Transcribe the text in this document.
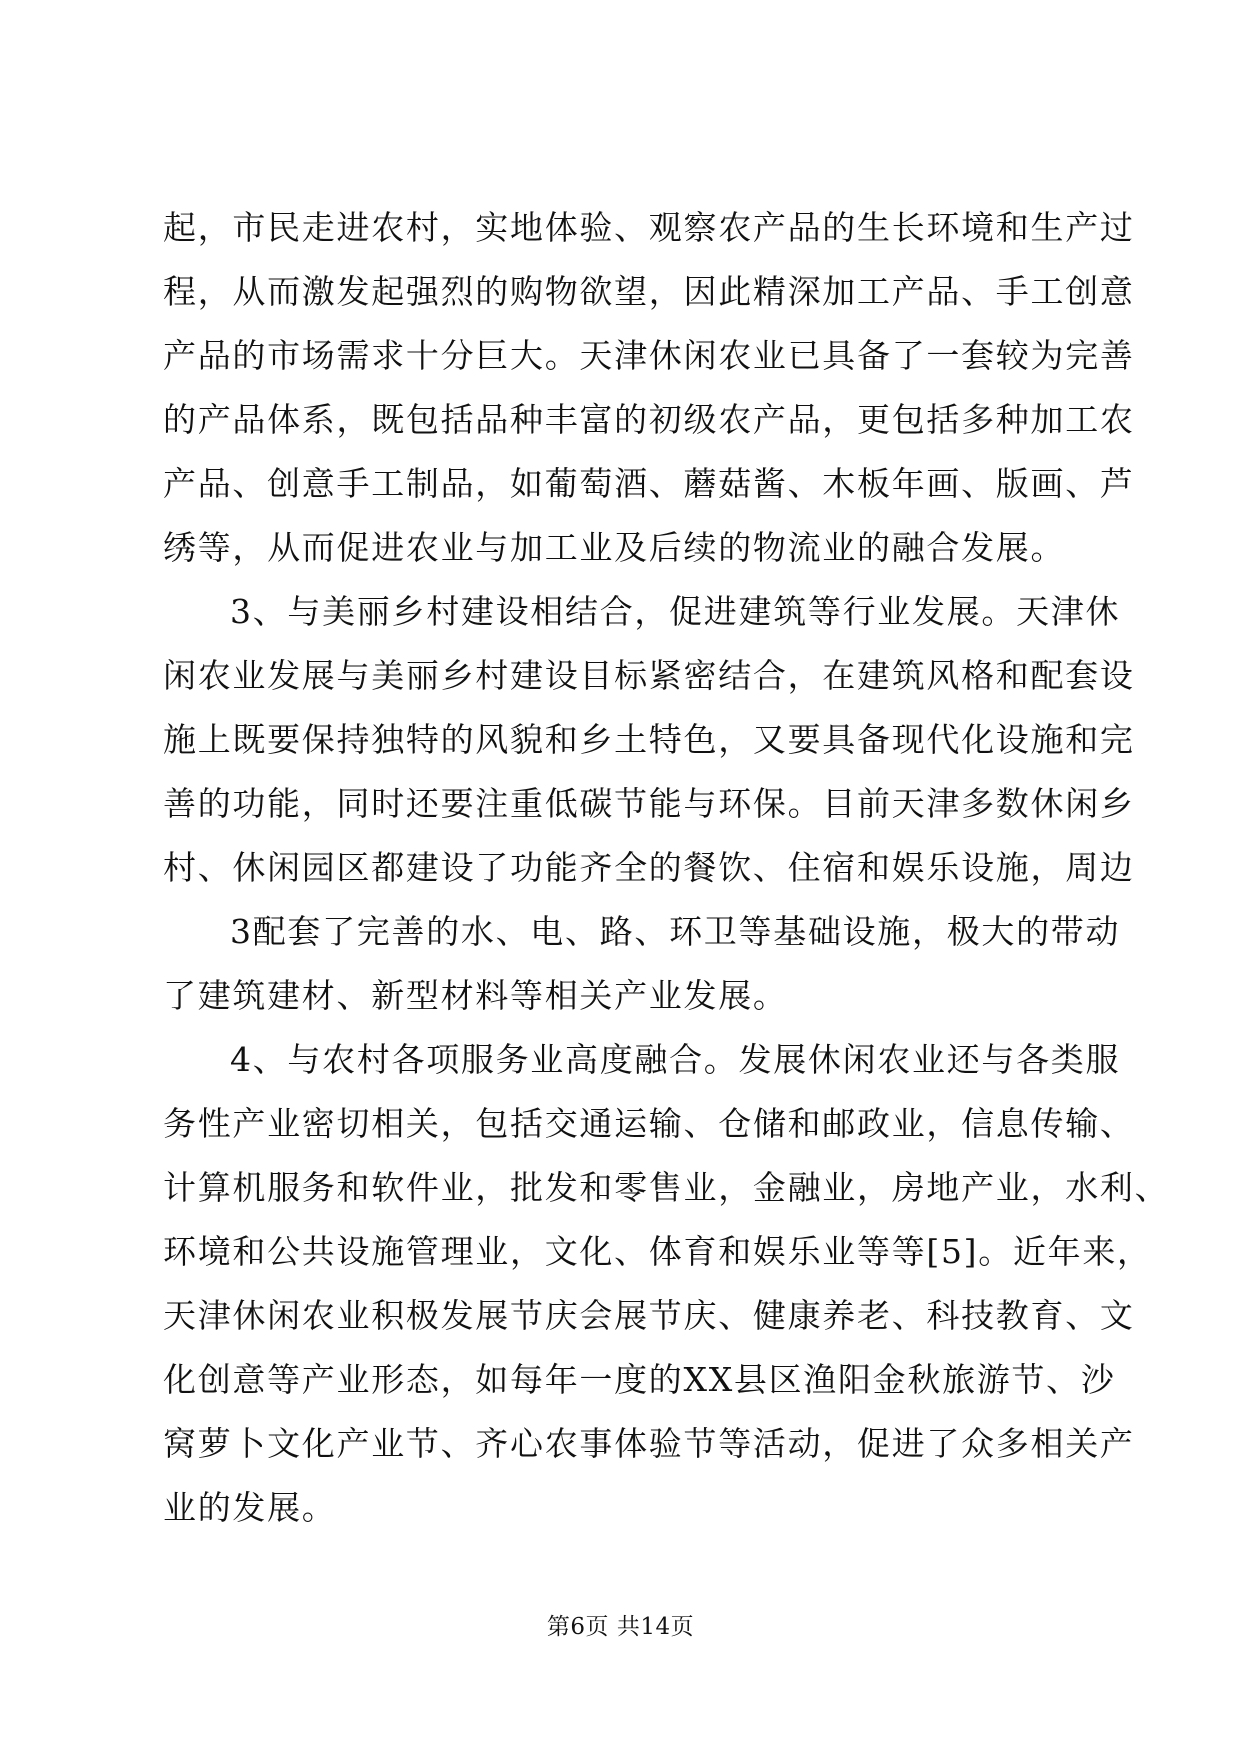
起，市民走进农村，实地体验、观察农产品的生长环境和生产过
程，从而激发起强烈的购物欲望，因此精深加工产品、手工创意
产品的市场需求十分巨大。天津休闲农业已具备了一套较为完善
的产品体系，既包括品种丰富的初级农产品，更包括多种加工农
产品、创意手工制品，如葡萄酒、蘑菇酱、木板年画、版画、芦
绣等，从而促进农业与加工业及后续的物流业的融合发展。
3、与美丽乡村建设相结合，促进建筑等行业发展。天津休
闲农业发展与美丽乡村建设目标紧密结合，在建筑风格和配套设
施上既要保持独特的风貌和乡土特色，又要具备现代化设施和完
善的功能，同时还要注重低碳节能与环保。目前天津多数休闲乡
村、休闲园区都建设了功能齐全的餐饮、住宿和娱乐设施，周边
3配套了完善的水、电、路、环卫等基础设施，极大的带动
了建筑建材、新型材料等相关产业发展。
4、与农村各项服务业高度融合。发展休闲农业还与各类服
务性产业密切相关，包括交通运输、仓储和邮政业，信息传输、
计算机服务和软件业，批发和零售业，金融业，房地产业，水利、
环境和公共设施管理业，文化、体育和娱乐业等等[5]。近年来，
天津休闲农业积极发展节庆会展节庆、健康养老、科技教育、文
化创意等产业形态，如每年一度的XX县区渔阳金秋旅游节、沙
窝萝卜文化产业节、齐心农事体验节等活动，促进了众多相关产
业的发展。
第6页 共14页
